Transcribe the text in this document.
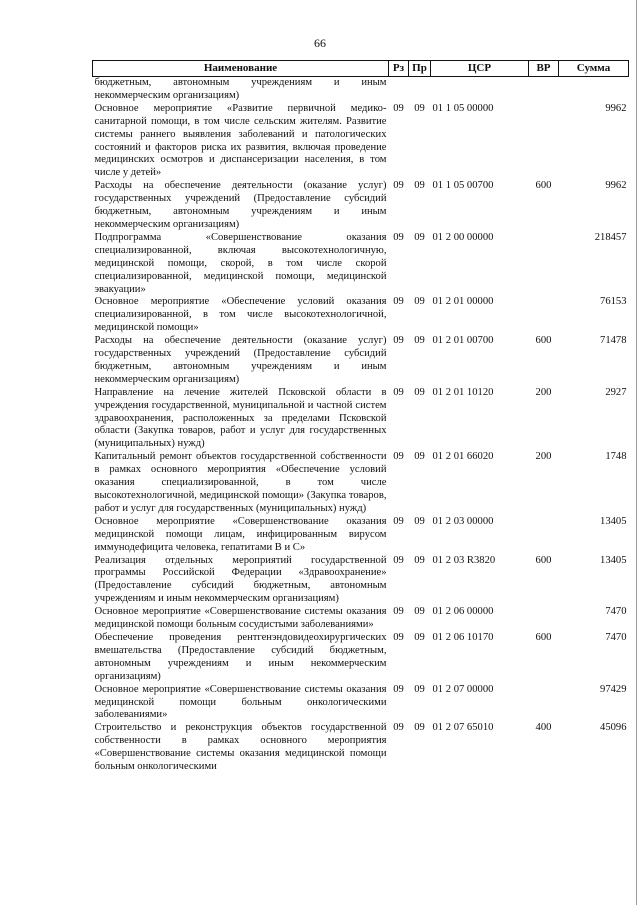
66
Наименование	Рз	Пр	ЦСР	ВР	Сумма
бюджетным, автономным учреждениям и иным некоммерческим организациям)					
Основное мероприятие «Развитие первичной медико-санитарной помощи, в том числе сельским жителям. Развитие системы раннего выявления заболеваний и патологических состояний и факторов риска их развития, включая проведение медицинских осмотров и диспансеризации населения, в том числе у детей»	09	09	01 1 05 00000		9962
Расходы на обеспечение деятельности (оказание услуг) государственных учреждений (Предоставление субсидий бюджетным, автономным учреждениям и иным некоммерческим организациям)	09	09	01 1 05 00700	600	9962
Подпрограмма «Совершенствование оказания специализированной, включая высокотехнологичную, медицинской помощи, скорой, в том числе скорой специализированной, медицинской помощи, медицинской эвакуации»	09	09	01 2 00 00000		218457
Основное мероприятие «Обеспечение условий оказания специализированной, в том числе высокотехнологичной, медицинской помощи»	09	09	01 2 01 00000		76153
Расходы на обеспечение деятельности (оказание услуг) государственных учреждений (Предоставление субсидий бюджетным, автономным учреждениям и иным некоммерческим организациям)	09	09	01 2 01 00700	600	71478
Направление на лечение жителей Псковской области в учреждения государственной, муниципальной и частной систем здравоохранения, расположенных за пределами Псковской области (Закупка товаров, работ и услуг для государственных (муниципальных) нужд)	09	09	01 2 01 10120	200	2927
Капитальный ремонт объектов государственной собственности в рамках основного мероприятия «Обеспечение условий оказания специализированной, в том числе высокотехнологичной, медицинской помощи» (Закупка товаров, работ и услуг для государственных (муниципальных) нужд)	09	09	01 2 01 66020	200	1748
Основное мероприятие «Совершенствование оказания медицинской помощи лицам, инфицированным вирусом иммунодефицита человека, гепатитами В и С»	09	09	01 2 03 00000		13405
Реализация отдельных мероприятий государственной программы Российской Федерации «Здравоохранение» (Предоставление субсидий бюджетным, автономным учреждениям и иным некоммерческим организациям)	09	09	01 2 03 R3820	600	13405
Основное мероприятие «Совершенствование системы оказания медицинской помощи больным сосудистыми заболеваниями»	09	09	01 2 06 00000		7470
Обеспечение проведения рентгенэндовидеохирургических вмешательства (Предоставление субсидий бюджетным, автономным учреждениям и иным некоммерческим организациям)	09	09	01 2 06 10170	600	7470
Основное мероприятие «Совершенствование системы оказания медицинской помощи больным онкологическими заболеваниями»	09	09	01 2 07 00000		97429
Строительство и реконструкция объектов государственной собственности в рамках основного мероприятия «Совершенствование системы оказания медицинской помощи больным онкологическими	09	09	01 2 07 65010	400	45096
